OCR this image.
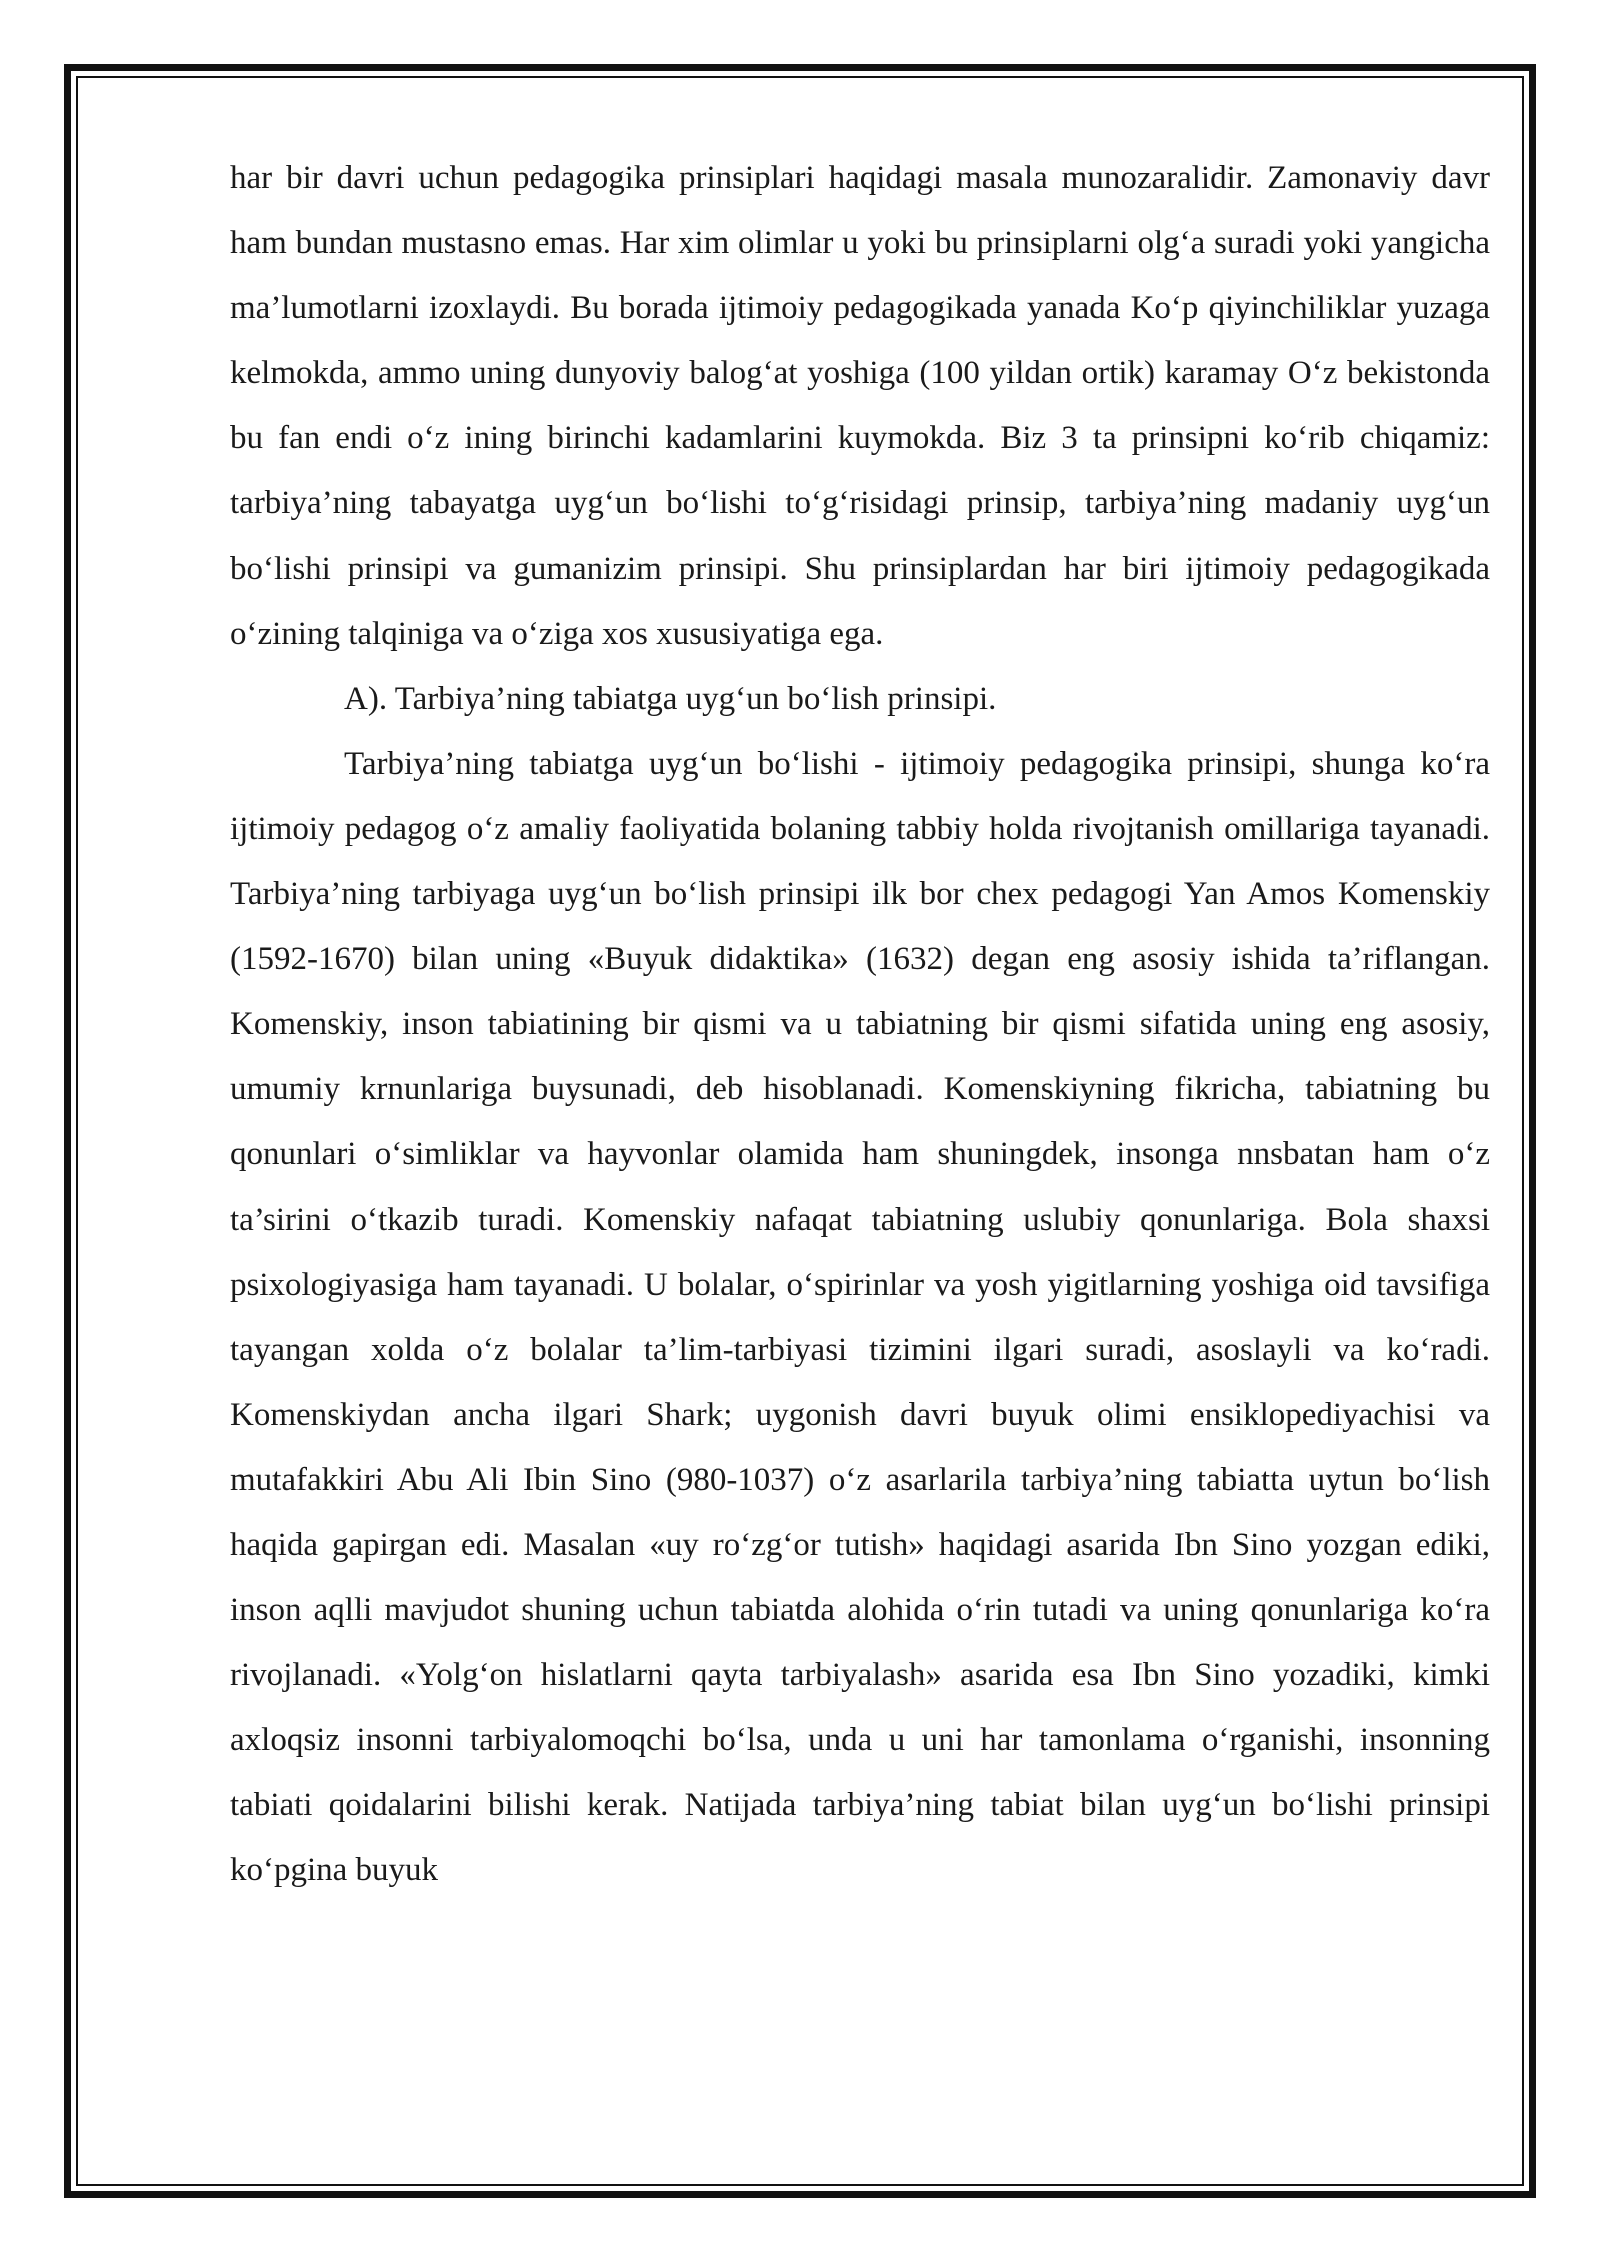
har bir davri uchun pedagogika prinsiplari haqidagi masala munozaralidir. Zamonaviy davr ham bundan mustasno emas. Har xim olimlar u yoki bu prinsiplarni olg‘a suradi yoki yangicha ma’lumotlarni izoxlaydi. Bu borada ijtimoiy pedagogikada yanada Ko‘p qiyinchiliklar yuzaga kelmokda, ammo uning dunyoviy balog‘at yoshiga (100 yildan ortik) karamay O‘z bekistonda bu fan endi o‘z ining birinchi kadamlarini kuymokda. Biz 3 ta prinsipni ko‘rib chiqamiz: tarbiya’ning tabayatga uyg‘un bo‘lishi to‘g‘risidagi prinsip, tarbiya’ning madaniy uyg‘un bo‘lishi prinsipi va gumanizim prinsipi. Shu prinsiplardan har biri ijtimoiy pedagogikada o‘zining talqiniga va o‘ziga xos xususiyatiga ega.

A). Tarbiya’ning tabiatga uyg‘un bo‘lish prinsipi.

Tarbiya’ning tabiatga uyg‘un bo‘lishi - ijtimoiy pedagogika prinsipi, shunga ko‘ra ijtimoiy pedagog o‘z amaliy faoliyatida bolaning tabbiy holda rivojtanish omillariga tayanadi. Tarbiya’ning tarbiyaga uyg‘un bo‘lish prinsipi ilk bor chex pedagogi Yan Amos Komenskiy (1592-1670) bilan uning «Buyuk didaktika» (1632) degan eng asosiy ishida ta’riflangan. Komenskiy, inson tabiatining bir qismi va u tabiatning bir qismi sifatida uning eng asosiy, umumiy krnunlariga buysunadi, deb hisoblanadi. Komenskiyning fikricha, tabiatning bu qonunlari o‘simliklar va hayvonlar olamida ham shuningdek, insonga nnsbatan ham o‘z ta’sirini o‘tkazib turadi. Komenskiy nafaqat tabiatning uslubiy qonunlariga. Bola shaxsi psixologiyasiga ham tayanadi. U bolalar, o‘spirinlar va yosh yigitlarning yoshiga oid tavsifiga tayangan xolda o‘z bolalar ta’lim-tarbiyasi tizimini ilgari suradi, asoslayli va ko‘radi. Komenskiydan ancha ilgari Shark; uygonish davri buyuk olimi ensiklopediyachisi va mutafakkiri Abu Ali Ibin Sino (980-1037) o‘z asarlarila tarbiya’ning tabiatta uytun bo‘lish haqida gapirgan edi. Masalan «uy ro‘zg‘or tutish» haqidagi asarida Ibn Sino yozgan ediki, inson aqlli mavjudot shuning uchun tabiatda alohida o‘rin tutadi va uning qonunlariga ko‘ra rivojlanadi. «Yolg‘on hislatlarni qayta tarbiyalash» asarida esa Ibn Sino yozadiki, kimki axloqsiz insonni tarbiyalomoqchi bo‘lsa, unda u uni har tamonlama o‘rganishi, insonning tabiati qoidalarini bilishi kerak. Natijada tarbiya’ning tabiat bilan uyg‘un bo‘lishi prinsipi ko‘pgina buyuk
